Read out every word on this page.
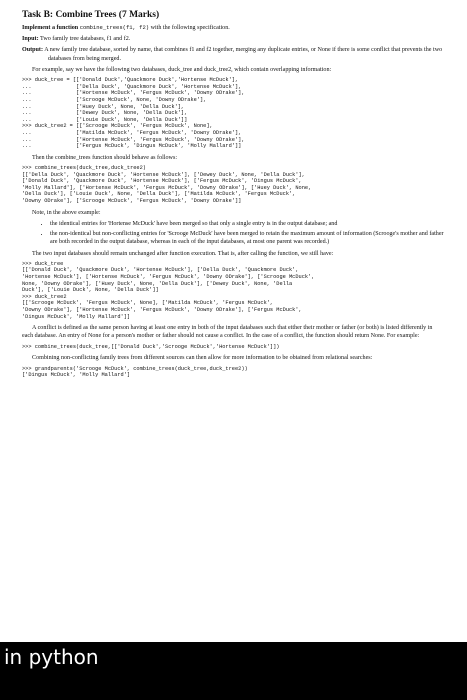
Task B: Combine Trees (7 Marks)

Implement a function combine_trees(f1, f2) with the following specification.

Input: Two family tree databases, f1 and f2.

Output: A new family tree database, sorted by name, that combines f1 and f2 together, merging any duplicate entries, or None if there is some conflict that prevents the two databases from being merged.

For example, say we have the following two databases, duck_tree and duck_tree2, which contain overlapping information:

>>> duck_tree = [['Donald Duck','Quackmore Duck','Hortense McDuck'],
...              ['Della Duck', 'Quackmore Duck', 'Hortense McDuck'],
...              ['Hortense McDuck', 'Fergus McDuck', 'Downy ODrake'],
...              ['Scrooge McDuck', None, 'Downy ODrake'],
...              ['Huey Duck', None, 'Della Duck'],
...              ['Dewey Duck', None, 'Della Duck'],
...              ['Louie Duck', None, 'Della Duck']]
>>> duck_tree2 = [['Scrooge McDuck', 'Fergus McDuck', None],
...              ['Matilda McDuck', 'Fergus McDuck', 'Downy ODrake'],
...              ['Hortense McDuck', 'Fergus McDuck', 'Downy ODrake'],
...              ['Fergus McDuck', 'Dingus McDuck', 'Molly Mallard']]

Then the combine_trees function should behave as follows:

>>> combine_trees(duck_tree,duck_tree2)
[['Della Duck', 'Quackmore Duck', 'Hortense McDuck'], ['Dewey Duck', None, 'Della Duck'],
['Donald Duck', 'Quackmore Duck', 'Hortense McDuck'], ['Fergus McDuck', 'Dingus McDuck',
'Molly Mallard'], ['Hortense McDuck', 'Fergus McDuck', 'Downy ODrake'], ['Huey Duck', None,
'Della Duck'], ['Louie Duck', None, 'Della Duck'], ['Matilda McDuck', 'Fergus McDuck',
'Downy ODrake'], ['Scrooge McDuck', 'Fergus McDuck', 'Downy ODrake']]

Note, in the above example:

• the identical entries for 'Hortense McDuck' have been merged so that only a single entry is in the output database; and
• the non-identical but non-conflicting entries for 'Scrooge McDuck' have been merged to retain the maximum amount of information (Scrooge's mother and father are both recorded in the output database, whereas in each of the input databases, at most one parent was recorded.)

The two input databases should remain unchanged after function execution. That is, after calling the function, we still have:

>>> duck_tree
[['Donald Duck', 'Quackmore Duck', 'Hortense McDuck'], ['Della Duck', 'Quackmore Duck',
'Hortense McDuck'], ['Hortense McDuck', 'Fergus McDuck', 'Downy ODrake'], ['Scrooge McDuck',
None, 'Downy ODrake'], ['Huey Duck', None, 'Della Duck'], ['Dewey Duck', None, 'Della
Duck'], ['Louie Duck', None, 'Della Duck']]
>>> duck_tree2
[['Scrooge McDuck', 'Fergus McDuck', None], ['Matilda McDuck', 'Fergus McDuck',
'Downy ODrake'], ['Hortense McDuck', 'Fergus McDuck', 'Downy ODrake'], ['Fergus McDuck',
'Dingus McDuck', 'Molly Mallard']]

A conflict is defined as the same person having at least one entry in both of the input databases such that either their mother or father (or both) is listed differently in each database. An entry of None for a person's mother or father should not cause a conflict. In the case of a conflict, the function should return None. For example:

>>> combine_trees(duck_tree,[['Donald Duck','Scrooge McDuck','Hortense McDuck']])

Combining non-conflicting family trees from different sources can then allow for more information to be obtained from relational searches:

>>> grandparents('Scrooge McDuck', combine_trees(duck_tree,duck_tree2))
['Dingus McDuck', 'Molly Mallard']
in python
